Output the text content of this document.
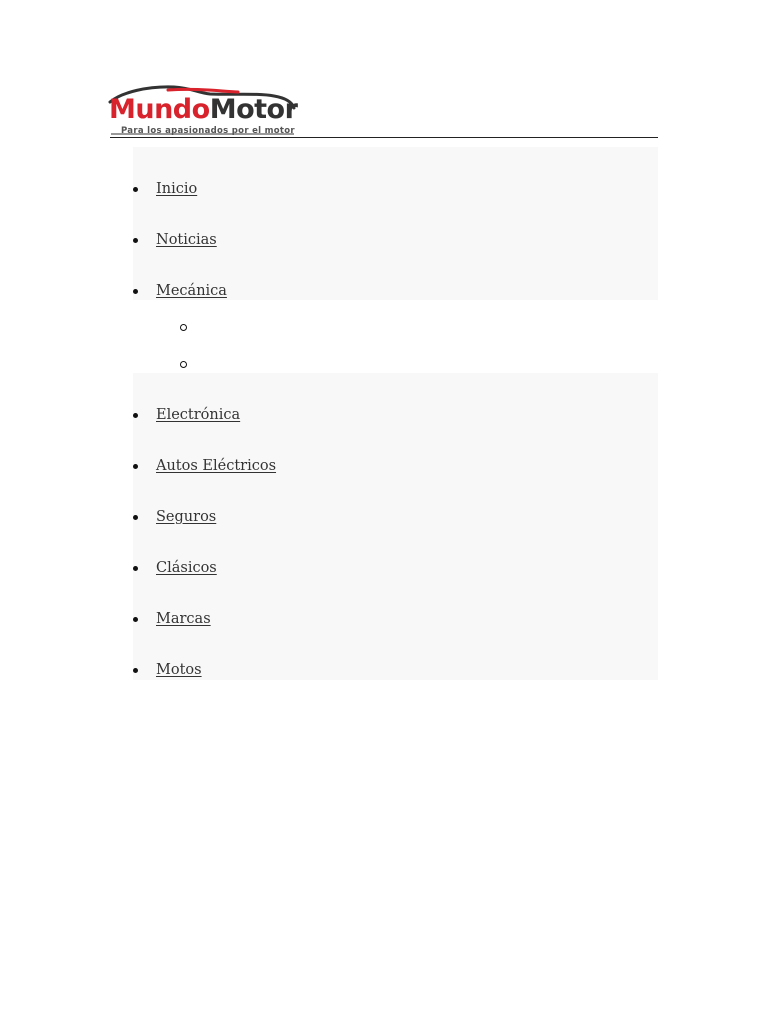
MundoMotor
Para los apasionados por el motor
Inicio
Noticias
Mecánica
Electrónica
Autos Eléctricos
Seguros
Clásicos
Marcas
Motos
